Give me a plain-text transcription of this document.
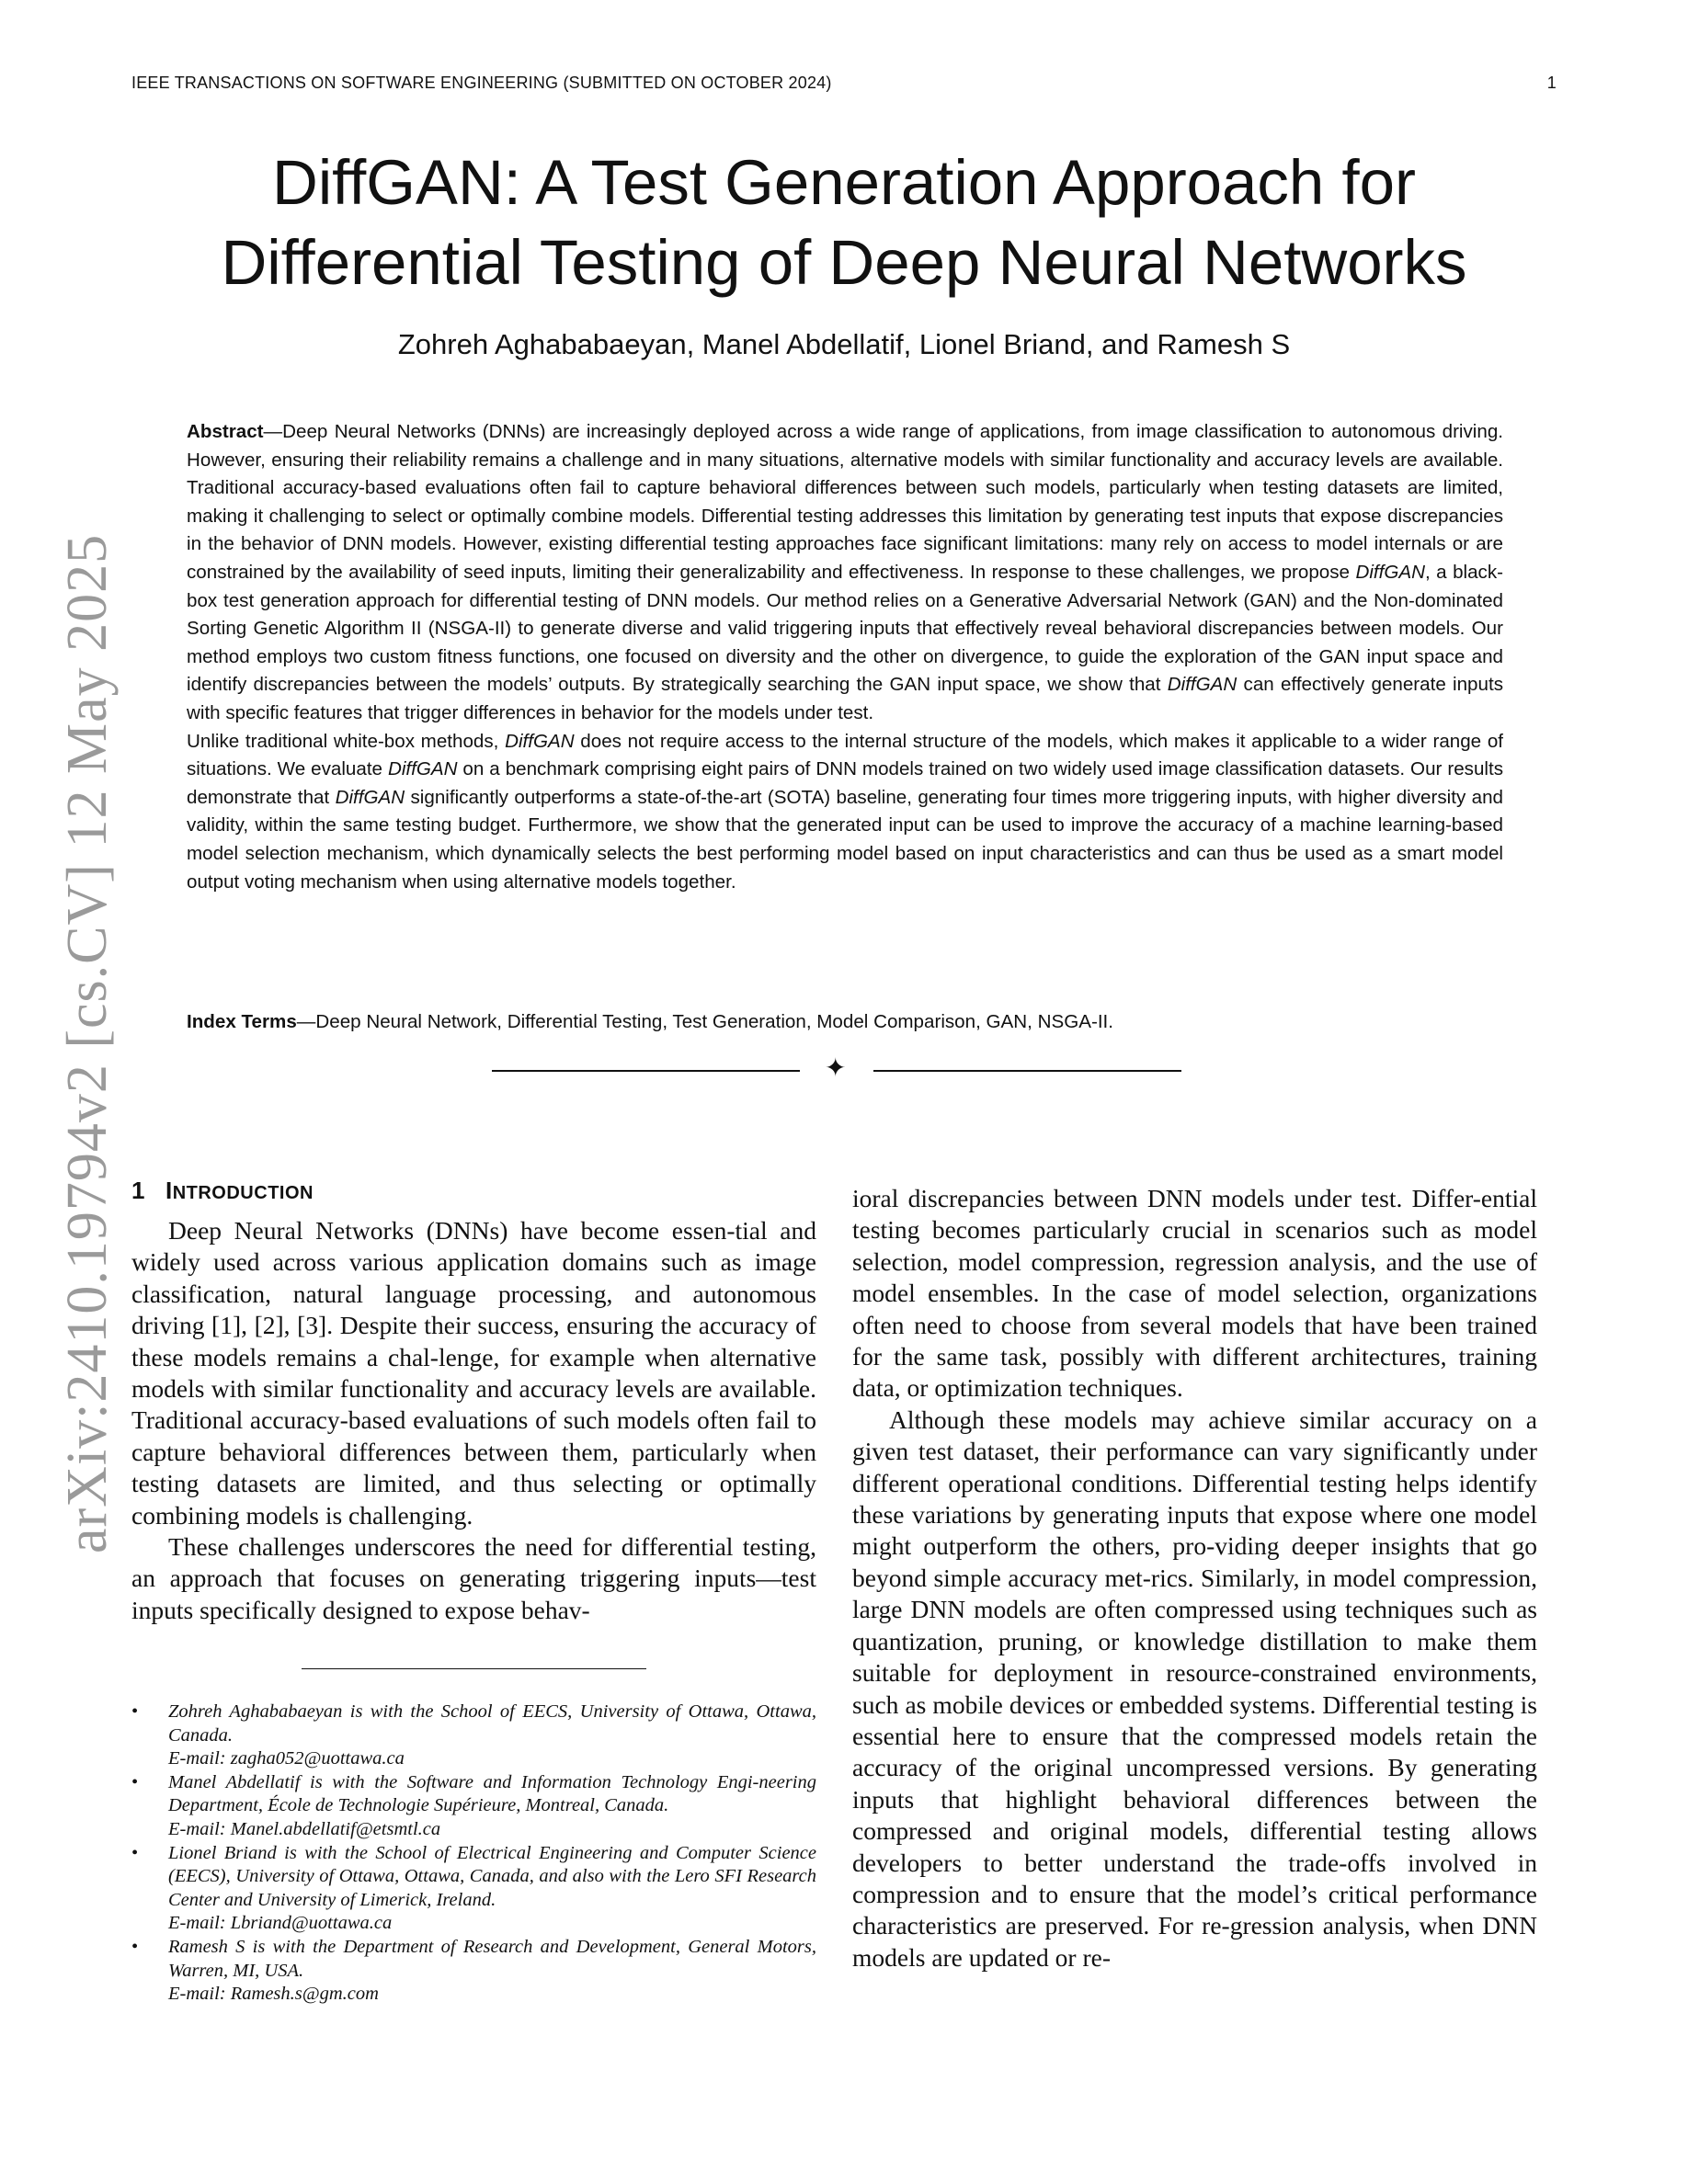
IEEE TRANSACTIONS ON SOFTWARE ENGINEERING (SUBMITTED ON OCTOBER 2024)	1
arXiv:2410.19794v2 [cs.CV] 12 May 2025
DiffGAN: A Test Generation Approach for
Differential Testing of Deep Neural Networks
Zohreh Aghababaeyan, Manel Abdellatif, Lionel Briand, and Ramesh S

Abstract—Deep Neural Networks (DNNs) are increasingly deployed across a wide range of applications, from image classification to autonomous driving. However, ensuring their reliability remains a challenge and in many situations, alternative models with similar functionality and accuracy levels are available. Traditional accuracy-based evaluations often fail to capture behavioral differences between such models, particularly when testing datasets are limited, making it challenging to select or optimally combine models. Differential testing addresses this limitation by generating test inputs that expose discrepancies in the behavior of DNN models. However, existing differential testing approaches face significant limitations: many rely on access to model internals or are constrained by the availability of seed inputs, limiting their generalizability and effectiveness. In response to these challenges, we propose DiffGAN, a black-box test generation approach for differential testing of DNN models. Our method relies on a Generative Adversarial Network (GAN) and the Non-dominated Sorting Genetic Algorithm II (NSGA-II) to generate diverse and valid triggering inputs that effectively reveal behavioral discrepancies between models. Our method employs two custom fitness functions, one focused on diversity and the other on divergence, to guide the exploration of the GAN input space and identify discrepancies between the models’ outputs. By strategically searching the GAN input space, we show that DiffGAN can effectively generate inputs with specific features that trigger differences in behavior for the models under test.

Unlike traditional white-box methods, DiffGAN does not require access to the internal structure of the models, which makes it applicable to a wider range of situations. We evaluate DiffGAN on a benchmark comprising eight pairs of DNN models trained on two widely used image classification datasets. Our results demonstrate that DiffGAN significantly outperforms a state-of-the-art (SOTA) baseline, generating four times more triggering inputs, with higher diversity and validity, within the same testing budget. Furthermore, we show that the generated input can be used to improve the accuracy of a machine learning-based model selection mechanism, which dynamically selects the best performing model based on input characteristics and can thus be used as a smart model output voting mechanism when using alternative models together.

Index Terms—Deep Neural Network, Differential Testing, Test Generation, Model Comparison, GAN, NSGA-II.
✦
1 INTRODUCTION

Deep Neural Networks (DNNs) have become essen-tial and widely used across various application domains such as image classification, natural language processing, and autonomous driving [1], [2], [3]. Despite their success, ensuring the accuracy of these models remains a chal-lenge, for example when alternative models with similar functionality and accuracy levels are available. Traditional accuracy-based evaluations of such models often fail to capture behavioral differences between them, particularly when testing datasets are limited, and thus selecting or optimally combining models is challenging.

These challenges underscores the need for differential testing, an approach that focuses on generating triggering inputs—test inputs specifically designed to expose behav-

• Zohreh Aghababaeyan is with the School of EECS, University of Ottawa, Ottawa, Canada.
E-mail: zagha052@uottawa.ca
• Manel Abdellatif is with the Software and Information Technology Engi-neering Department, École de Technologie Supérieure, Montreal, Canada.
E-mail: Manel.abdellatif@etsmtl.ca
• Lionel Briand is with the School of Electrical Engineering and Computer Science (EECS), University of Ottawa, Ottawa, Canada, and also with the Lero SFI Research Center and University of Limerick, Ireland.
E-mail: Lbriand@uottawa.ca
• Ramesh S is with the Department of Research and Development, General Motors, Warren, MI, USA.
E-mail: Ramesh.s@gm.com

ioral discrepancies between DNN models under test. Differ-ential testing becomes particularly crucial in scenarios such as model selection, model compression, regression analysis, and the use of model ensembles. In the case of model selection, organizations often need to choose from several models that have been trained for the same task, possibly with different architectures, training data, or optimization techniques.

Although these models may achieve similar accuracy on a given test dataset, their performance can vary significantly under different operational conditions. Differential testing helps identify these variations by generating inputs that expose where one model might outperform the others, pro-viding deeper insights that go beyond simple accuracy met-rics. Similarly, in model compression, large DNN models are often compressed using techniques such as quantization, pruning, or knowledge distillation to make them suitable for deployment in resource-constrained environments, such as mobile devices or embedded systems. Differential testing is essential here to ensure that the compressed models retain the accuracy of the original uncompressed versions. By generating inputs that highlight behavioral differences between the compressed and original models, differential testing allows developers to better understand the trade-offs involved in compression and to ensure that the model’s critical performance characteristics are preserved. For re-gression analysis, when DNN models are updated or re-
